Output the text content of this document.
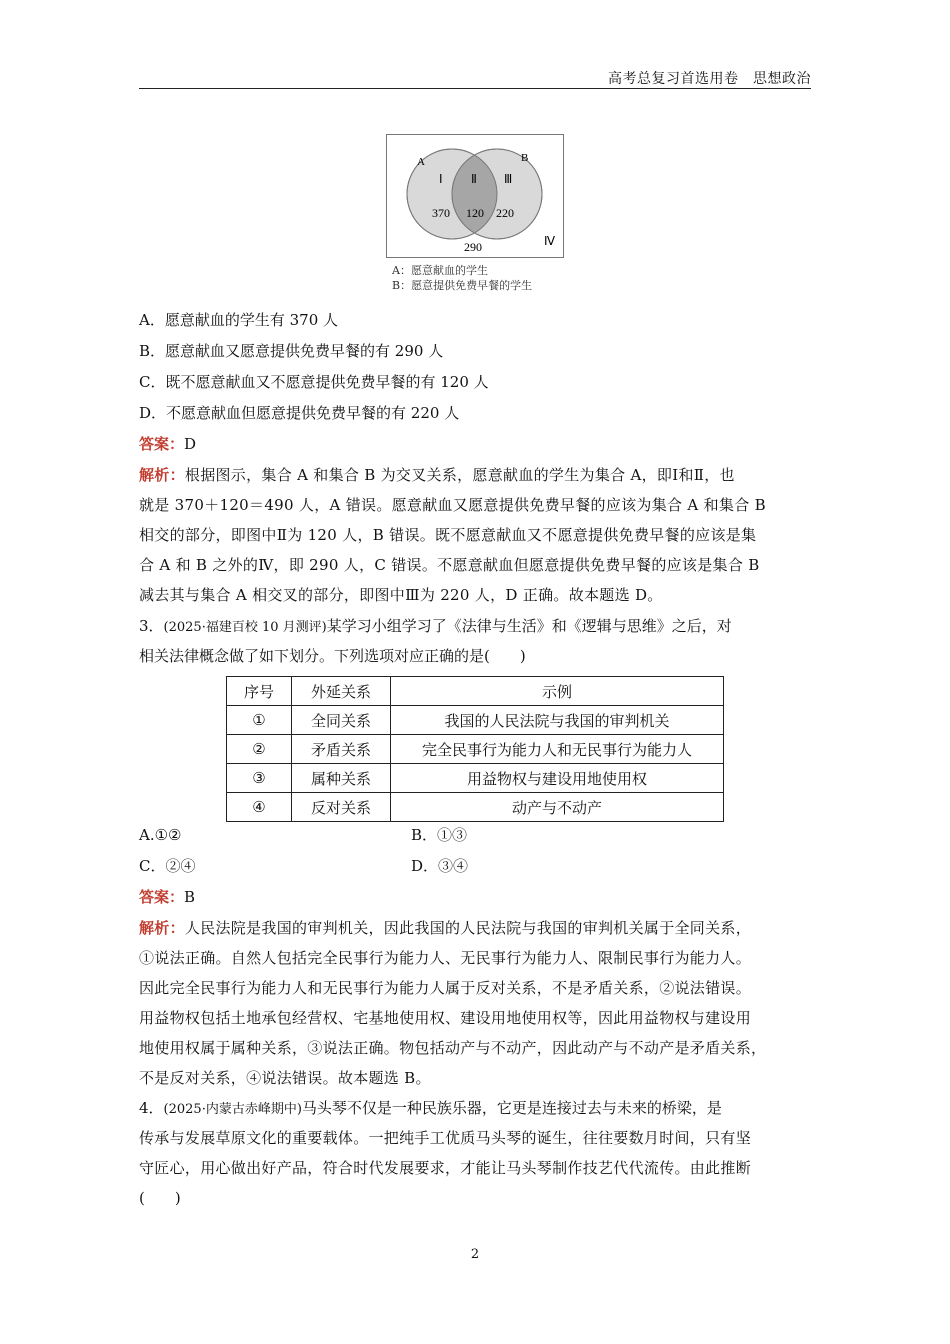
高考总复习首选用卷　思想政治
A	B
Ⅰ Ⅱ Ⅲ
Ⅳ
370 120 220
290
A：愿意献血的学生
B：愿意提供免费早餐的学生
A．愿意献血的学生有 370 人
B．愿意献血又愿意提供免费早餐的有 290 人
C．既不愿意献血又不愿意提供免费早餐的有 120 人
D．不愿意献血但愿意提供免费早餐的有 220 人
答案：D
解析：根据图示，集合 A 和集合 B 为交叉关系，愿意献血的学生为集合 A，即Ⅰ和Ⅱ，也
就是 370＋120＝490 人，A 错误。愿意献血又愿意提供免费早餐的应该为集合 A 和集合 B
相交的部分，即图中Ⅱ为 120 人，B 错误。既不愿意献血又不愿意提供免费早餐的应该是集
合 A 和 B 之外的Ⅳ，即 290 人，C 错误。不愿意献血但愿意提供免费早餐的应该是集合 B
减去其与集合 A 相交叉的部分，即图中Ⅲ为 220 人，D 正确。故本题选 D。
3．(2025·福建百校 10 月测评)某学习小组学习了《法律与生活》和《逻辑与思维》之后，对
相关法律概念做了如下划分。下列选项对应正确的是(　　)
序号	外延关系	示例
①	全同关系	我国的人民法院与我国的审判机关
②	矛盾关系	完全民事行为能力人和无民事行为能力人
③	属种关系	用益物权与建设用地使用权
④	反对关系	动产与不动产
A.①②	B．①③
C．②④	D．③④
答案：B
解析：人民法院是我国的审判机关，因此我国的人民法院与我国的审判机关属于全同关系，
①说法正确。自然人包括完全民事行为能力人、无民事行为能力人、限制民事行为能力人。
因此完全民事行为能力人和无民事行为能力人属于反对关系，不是矛盾关系，②说法错误。
用益物权包括土地承包经营权、宅基地使用权、建设用地使用权等，因此用益物权与建设用
地使用权属于属种关系，③说法正确。物包括动产与不动产，因此动产与不动产是矛盾关系，
不是反对关系，④说法错误。故本题选 B。
4．(2025·内蒙古赤峰期中)马头琴不仅是一种民族乐器，它更是连接过去与未来的桥梁，是
传承与发展草原文化的重要载体。一把纯手工优质马头琴的诞生，往往要数月时间，只有坚
守匠心，用心做出好产品，符合时代发展要求，才能让马头琴制作技艺代代流传。由此推断
(　　)
2
